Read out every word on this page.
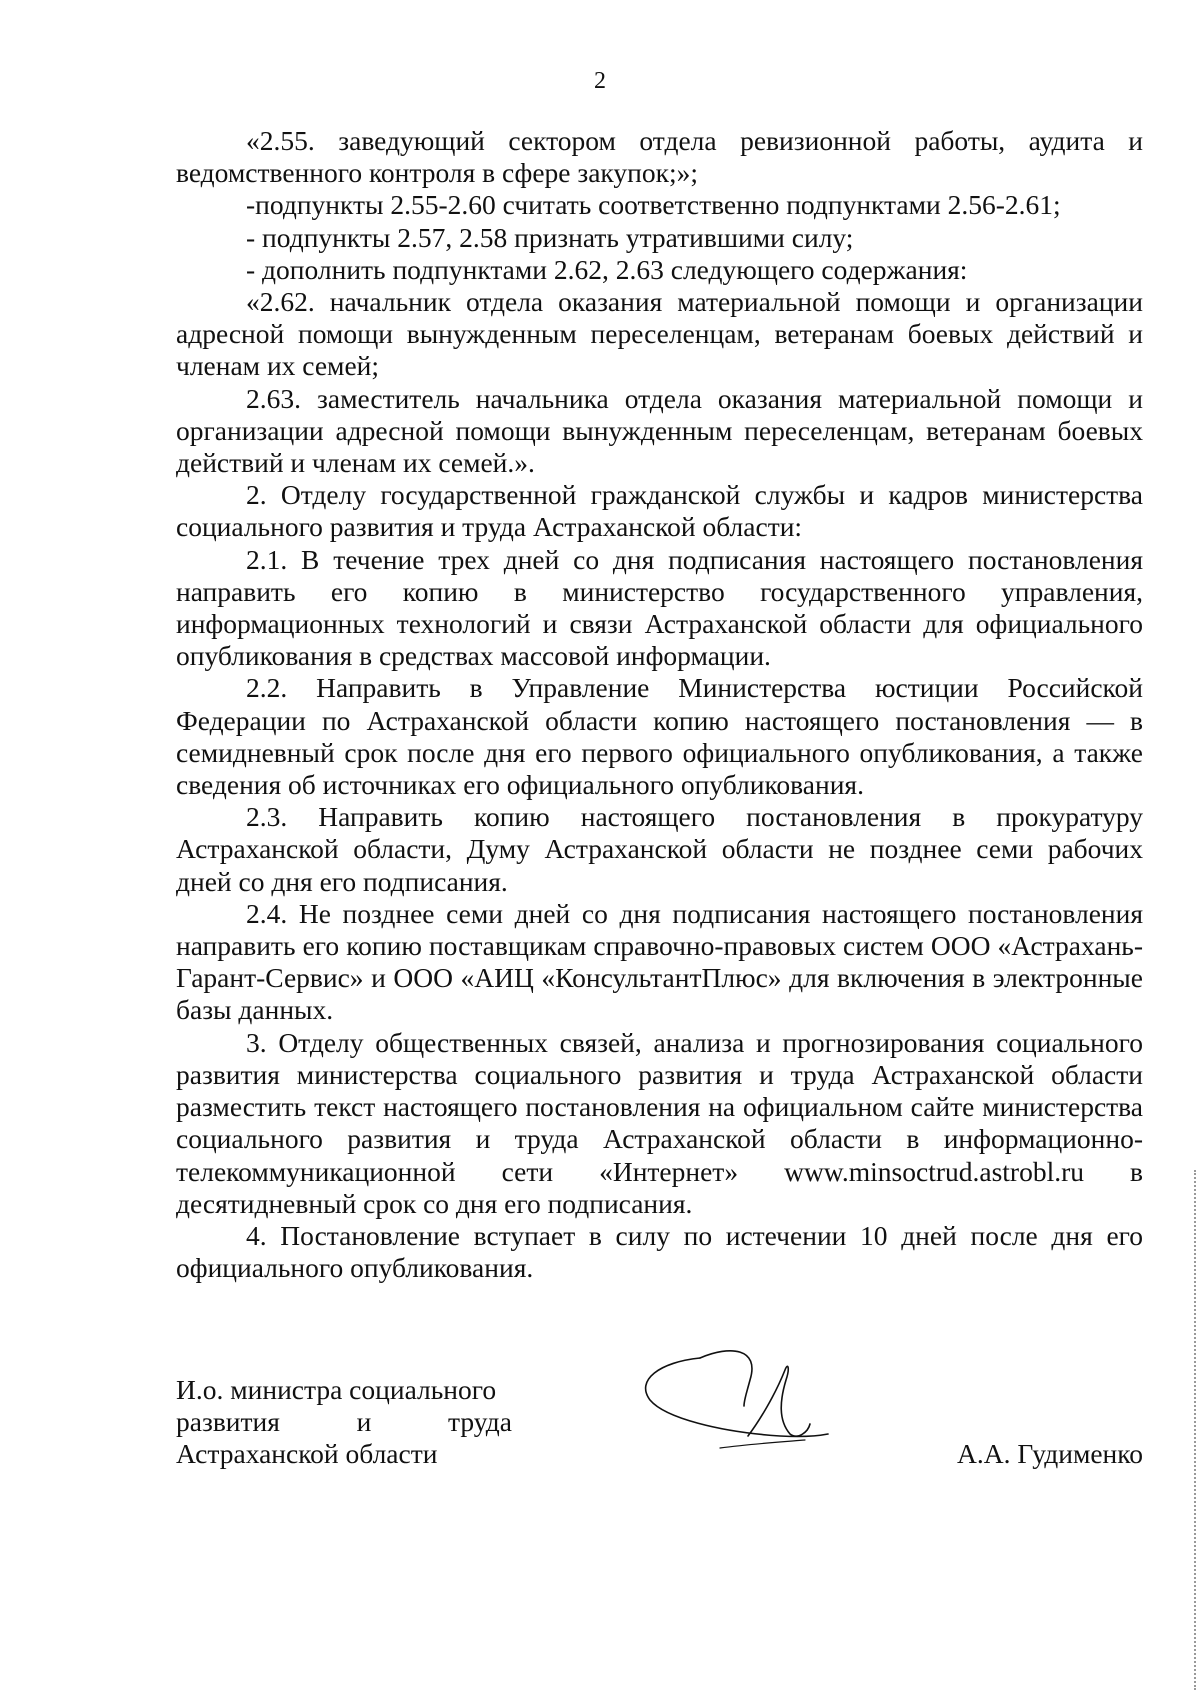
2

«2.55. заведующий сектором отдела ревизионной работы, аудита и ведомственного контроля в сфере закупок;»;

-подпункты 2.55-2.60 считать соответственно подпунктами 2.56-2.61;

- подпункты 2.57, 2.58 признать утратившими силу;

- дополнить подпунктами 2.62, 2.63 следующего содержания:

«2.62. начальник отдела оказания материальной помощи и организации адресной помощи вынужденным переселенцам, ветеранам боевых действий и членам их семей;

2.63. заместитель начальника отдела оказания материальной помощи и организации адресной помощи вынужденным переселенцам, ветеранам боевых действий и членам их семей.».

2. Отделу государственной гражданской службы и кадров министерства социального развития и труда Астраханской области:

2.1. В течение трех дней со дня подписания настоящего постановления направить его копию в министерство государственного управления, информационных технологий и связи Астраханской области для официального опубликования в средствах массовой информации.

2.2. Направить в Управление Министерства юстиции Российской Федерации по Астраханской области копию настоящего постановления — в семидневный срок после дня его первого официального опубликования, а также сведения об источниках его официального опубликования.

2.3. Направить копию настоящего постановления в прокуратуру Астраханской области, Думу Астраханской области не позднее семи рабочих дней со дня его подписания.

2.4. Не позднее семи дней со дня подписания настоящего постановления направить его копию поставщикам справочно-правовых систем ООО «Астрахань-Гарант-Сервис» и ООО «АИЦ «КонсультантПлюс» для включения в электронные базы данных.

3. Отделу общественных связей, анализа и прогнозирования социального развития министерства социального развития и труда Астраханской области разместить текст настоящего постановления на официальном сайте министерства социального развития и труда Астраханской области в информационно-телекоммуникационной сети «Интернет» www.minsoctrud.astrobl.ru в десятидневный срок со дня его подписания.

4. Постановление вступает в силу по истечении 10 дней после дня его официального опубликования.

И.о. министра социального
развития и труда
Астраханской области	А.А. Гудименко
